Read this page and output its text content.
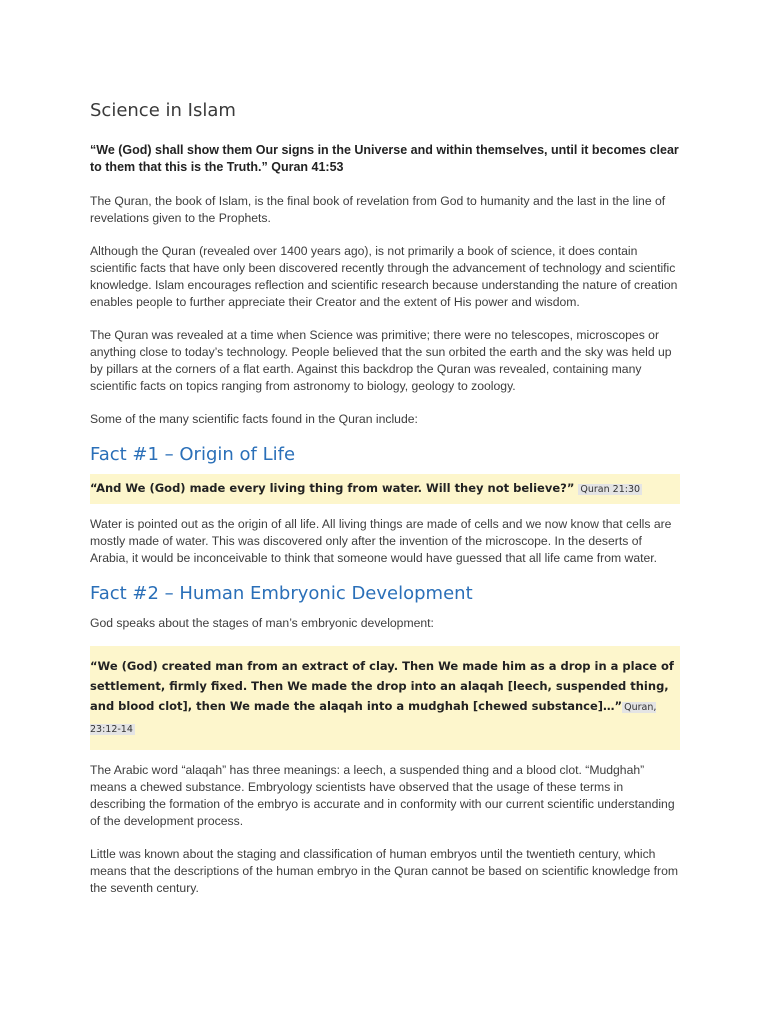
Science in Islam
“We (God) shall show them Our signs in the Universe and within themselves, until it becomes clear to them that this is the Truth.” Quran 41:53

The Quran, the book of Islam, is the final book of revelation from God to humanity and the last in the line of revelations given to the Prophets.

Although the Quran (revealed over 1400 years ago), is not primarily a book of science, it does contain scientific facts that have only been discovered recently through the advancement of technology and scientific knowledge. Islam encourages reflection and scientific research because understanding the nature of creation enables people to further appreciate their Creator and the extent of His power and wisdom.

The Quran was revealed at a time when Science was primitive; there were no telescopes, microscopes or anything close to today’s technology. People believed that the sun orbited the earth and the sky was held up by pillars at the corners of a flat earth. Against this backdrop the Quran was revealed, containing many scientific facts on topics ranging from astronomy to biology, geology to zoology.

Some of the many scientific facts found in the Quran include:

Fact #1 – Origin of Life
“And We (God) made every living thing from water. Will they not believe?” Quran 21:30

Water is pointed out as the origin of all life. All living things are made of cells and we now know that cells are mostly made of water. This was discovered only after the invention of the microscope. In the deserts of Arabia, it would be inconceivable to think that someone would have guessed that all life came from water.

Fact #2 – Human Embryonic Development

God speaks about the stages of man’s embryonic development:

“We (God) created man from an extract of clay. Then We made him as a drop in a place of settlement, firmly fixed. Then We made the drop into an alaqah [leech, suspended thing, and blood clot], then We made the alaqah into a mudghah [chewed substance]…” Quran, 23:12-14

The Arabic word “alaqah” has three meanings: a leech, a suspended thing and a blood clot. “Mudghah” means a chewed substance. Embryology scientists have observed that the usage of these terms in describing the formation of the embryo is accurate and in conformity with our current scientific understanding of the development process.

Little was known about the staging and classification of human embryos until the twentieth century, which means that the descriptions of the human embryo in the Quran cannot be based on scientific knowledge from the seventh century.
